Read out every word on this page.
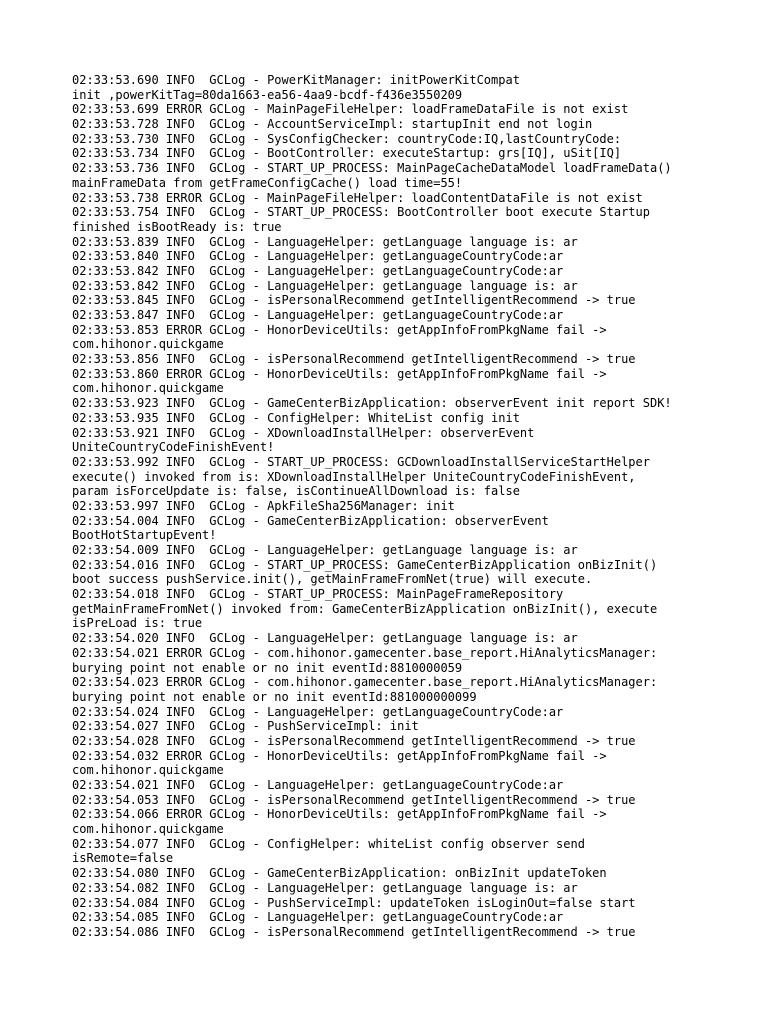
02:33:53.690 INFO  GCLog - PowerKitManager: initPowerKitCompat
init ,powerKitTag=80da1663-ea56-4aa9-bcdf-f436e3550209
02:33:53.699 ERROR GCLog - MainPageFileHelper: loadFrameDataFile is not exist
02:33:53.728 INFO  GCLog - AccountServiceImpl: startupInit end not login
02:33:53.730 INFO  GCLog - SysConfigChecker: countryCode:IQ,lastCountryCode:
02:33:53.734 INFO  GCLog - BootController: executeStartup: grs[IQ], uSit[IQ]
02:33:53.736 INFO  GCLog - START_UP_PROCESS: MainPageCacheDataModel loadFrameData()
mainFrameData from getFrameConfigCache() load time=55!
02:33:53.738 ERROR GCLog - MainPageFileHelper: loadContentDataFile is not exist
02:33:53.754 INFO  GCLog - START_UP_PROCESS: BootController boot execute Startup
finished isBootReady is: true
02:33:53.839 INFO  GCLog - LanguageHelper: getLanguage language is: ar
02:33:53.840 INFO  GCLog - LanguageHelper: getLanguageCountryCode:ar
02:33:53.842 INFO  GCLog - LanguageHelper: getLanguageCountryCode:ar
02:33:53.842 INFO  GCLog - LanguageHelper: getLanguage language is: ar
02:33:53.845 INFO  GCLog - isPersonalRecommend getIntelligentRecommend -> true
02:33:53.847 INFO  GCLog - LanguageHelper: getLanguageCountryCode:ar
02:33:53.853 ERROR GCLog - HonorDeviceUtils: getAppInfoFromPkgName fail ->
com.hihonor.quickgame
02:33:53.856 INFO  GCLog - isPersonalRecommend getIntelligentRecommend -> true
02:33:53.860 ERROR GCLog - HonorDeviceUtils: getAppInfoFromPkgName fail ->
com.hihonor.quickgame
02:33:53.923 INFO  GCLog - GameCenterBizApplication: observerEvent init report SDK!
02:33:53.935 INFO  GCLog - ConfigHelper: WhiteList config init
02:33:53.921 INFO  GCLog - XDownloadInstallHelper: observerEvent
UniteCountryCodeFinishEvent!
02:33:53.992 INFO  GCLog - START_UP_PROCESS: GCDownloadInstallServiceStartHelper
execute() invoked from is: XDownloadInstallHelper UniteCountryCodeFinishEvent,
param isForceUpdate is: false, isContinueAllDownload is: false
02:33:53.997 INFO  GCLog - ApkFileSha256Manager: init
02:33:54.004 INFO  GCLog - GameCenterBizApplication: observerEvent
BootHotStartupEvent!
02:33:54.009 INFO  GCLog - LanguageHelper: getLanguage language is: ar
02:33:54.016 INFO  GCLog - START_UP_PROCESS: GameCenterBizApplication onBizInit()
boot success pushService.init(), getMainFrameFromNet(true) will execute.
02:33:54.018 INFO  GCLog - START_UP_PROCESS: MainPageFrameRepository
getMainFrameFromNet() invoked from: GameCenterBizApplication onBizInit(), execute
isPreLoad is: true
02:33:54.020 INFO  GCLog - LanguageHelper: getLanguage language is: ar
02:33:54.021 ERROR GCLog - com.hihonor.gamecenter.base_report.HiAnalyticsManager:
burying point not enable or no init eventId:8810000059
02:33:54.023 ERROR GCLog - com.hihonor.gamecenter.base_report.HiAnalyticsManager:
burying point not enable or no init eventId:881000000099
02:33:54.024 INFO  GCLog - LanguageHelper: getLanguageCountryCode:ar
02:33:54.027 INFO  GCLog - PushServiceImpl: init
02:33:54.028 INFO  GCLog - isPersonalRecommend getIntelligentRecommend -> true
02:33:54.032 ERROR GCLog - HonorDeviceUtils: getAppInfoFromPkgName fail ->
com.hihonor.quickgame
02:33:54.021 INFO  GCLog - LanguageHelper: getLanguageCountryCode:ar
02:33:54.053 INFO  GCLog - isPersonalRecommend getIntelligentRecommend -> true
02:33:54.066 ERROR GCLog - HonorDeviceUtils: getAppInfoFromPkgName fail ->
com.hihonor.quickgame
02:33:54.077 INFO  GCLog - ConfigHelper: whiteList config observer send
isRemote=false
02:33:54.080 INFO  GCLog - GameCenterBizApplication: onBizInit updateToken
02:33:54.082 INFO  GCLog - LanguageHelper: getLanguage language is: ar
02:33:54.084 INFO  GCLog - PushServiceImpl: updateToken isLoginOut=false start
02:33:54.085 INFO  GCLog - LanguageHelper: getLanguageCountryCode:ar
02:33:54.086 INFO  GCLog - isPersonalRecommend getIntelligentRecommend -> true
